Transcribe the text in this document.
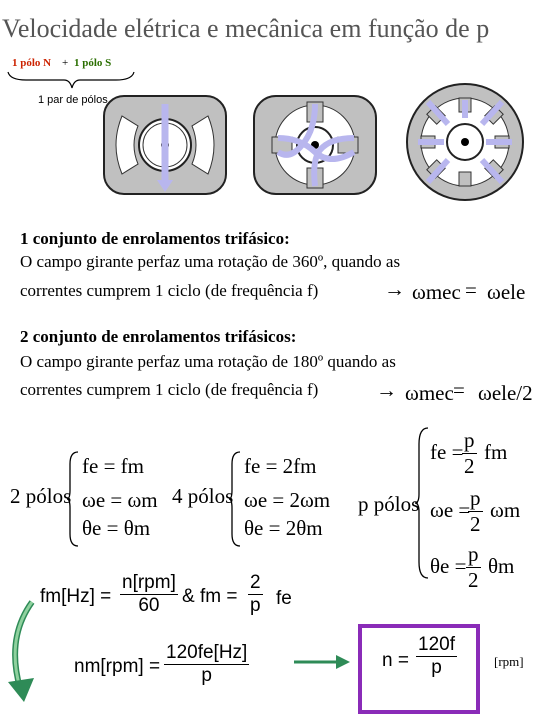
Velocidade elétrica e mecânica em função de p
1 pólo N + 1 pólo S
1 par de pólos
1 conjunto de enrolamentos trifásico:
O campo girante perfaz uma rotação de 360º, quando as
correntes cumprem 1 ciclo (de frequência f)	→ ωmec = ωele
2 conjunto de enrolamentos trifásicos:
O campo girante perfaz uma rotação de 180º quando as
correntes cumprem 1 ciclo (de frequência f)	→ ωmec = ωele/2
2 pólos
fe = fm
ωe = ωm
θe = θm
4 pólos
fe = 2fm
ωe = 2ωm
θe = 2θm
p pólos
fe =
$\frac{p}{2}$ fm
ωe =
$\frac{p}{2}$ ωm
$\theta e = \frac{p}{2}$ θm
fm[Hz] =
n[rpm]
60	& fm = $\frac{2}{p}$ fe
$nm[rpm] = \frac{120fe[Hz]}{p}$	$n = \frac{120f}{p}$	[rpm]
